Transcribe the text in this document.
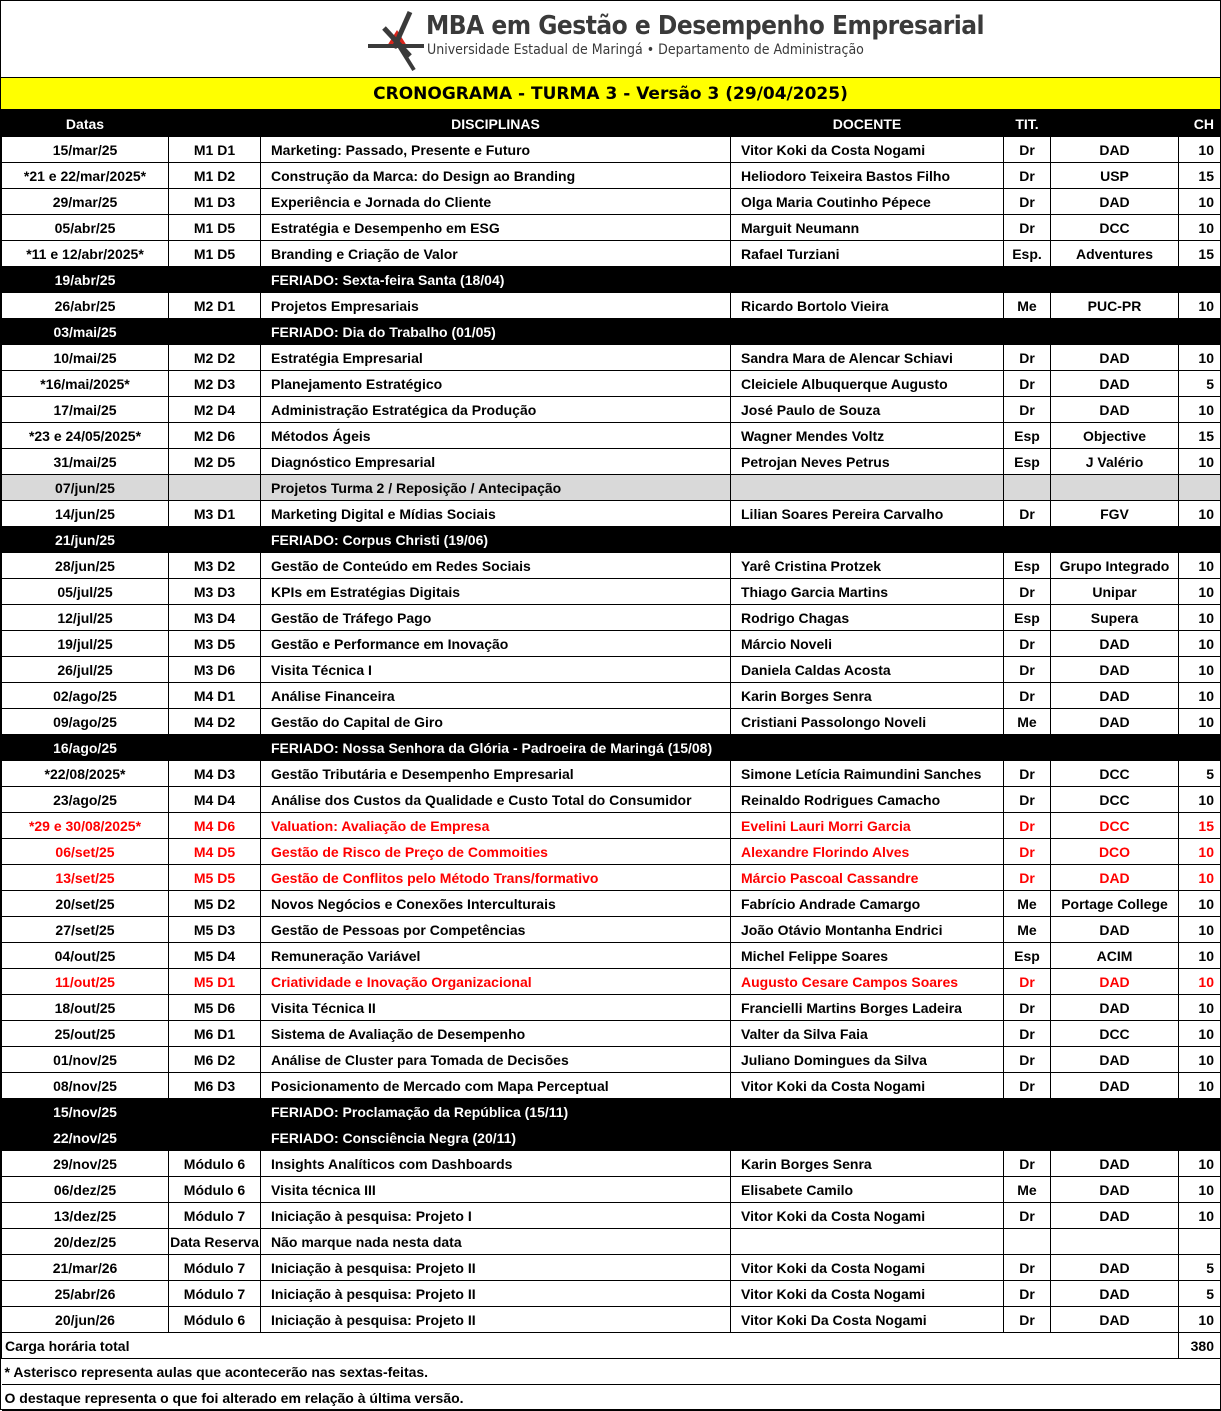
MBA em Gestão e Desempenho Empresarial
Universidade Estadual de Maringá • Departamento de Administração
CRONOGRAMA - TURMA 3 - Versão 3 (29/04/2025)
Datas		DISCIPLINAS	DOCENTE	TIT.		CH
15/mar/25	M1 D1	Marketing: Passado, Presente e Futuro	Vitor Koki da Costa Nogami	Dr	DAD	10
*21 e 22/mar/2025*	M1 D2	Construção da Marca: do Design ao Branding	Heliodoro Teixeira Bastos Filho	Dr	USP	15
29/mar/25	M1 D3	Experiência e Jornada do Cliente	Olga Maria Coutinho Pépece	Dr	DAD	10
05/abr/25	M1 D5	Estratégia e Desempenho em ESG	Marguit Neumann	Dr	DCC	10
*11 e 12/abr/2025*	M1 D5	Branding e Criação de Valor	Rafael Turziani	Esp.	Adventures	15
19/abr/25		FERIADO: Sexta-feira Santa (18/04)				
26/abr/25	M2 D1	Projetos Empresariais	Ricardo Bortolo Vieira	Me	PUC-PR	10
03/mai/25		FERIADO: Dia do Trabalho (01/05)				
10/mai/25	M2 D2	Estratégia Empresarial	Sandra Mara de Alencar Schiavi	Dr	DAD	10
*16/mai/2025*	M2 D3	Planejamento Estratégico	Cleiciele Albuquerque Augusto	Dr	DAD	5
17/mai/25	M2 D4	Administração Estratégica da Produção	José Paulo de Souza	Dr	DAD	10
*23 e 24/05/2025*	M2 D6	Métodos Ágeis	Wagner Mendes Voltz	Esp	Objective	15
31/mai/25	M2 D5	Diagnóstico Empresarial	Petrojan Neves Petrus	Esp	J Valério	10
07/jun/25		Projetos Turma 2 / Reposição / Antecipação				
14/jun/25	M3 D1	Marketing Digital e Mídias Sociais	Lilian Soares Pereira Carvalho	Dr	FGV	10
21/jun/25		FERIADO: Corpus Christi (19/06)				
28/jun/25	M3 D2	Gestão de Conteúdo em Redes Sociais	Yarê Cristina Protzek	Esp	Grupo Integrado	10
05/jul/25	M3 D3	KPIs em Estratégias Digitais	Thiago Garcia Martins	Dr	Unipar	10
12/jul/25	M3 D4	Gestão de Tráfego Pago	Rodrigo Chagas	Esp	Supera	10
19/jul/25	M3 D5	Gestão e Performance em Inovação	Márcio Noveli	Dr	DAD	10
26/jul/25	M3 D6	Visita Técnica I	Daniela Caldas Acosta	Dr	DAD	10
02/ago/25	M4 D1	Análise Financeira	Karin Borges Senra	Dr	DAD	10
09/ago/25	M4 D2	Gestão do Capital de Giro	Cristiani Passolongo Noveli	Me	DAD	10
16/ago/25		FERIADO: Nossa Senhora da Glória - Padroeira de Maringá (15/08)				
*22/08/2025*	M4 D3	Gestão Tributária e Desempenho Empresarial	Simone Letícia Raimundini Sanches	Dr	DCC	5
23/ago/25	M4 D4	Análise dos Custos da Qualidade e Custo Total do Consumidor	Reinaldo Rodrigues Camacho	Dr	DCC	10
*29 e 30/08/2025*	M4 D6	Valuation: Avaliação de Empresa	Evelini Lauri Morri Garcia	Dr	DCC	15
06/set/25	M4 D5	Gestão de Risco de Preço de Commoities	Alexandre Florindo Alves	Dr	DCO	10
13/set/25	M5 D5	Gestão de Conflitos pelo Método Trans/formativo	Márcio Pascoal Cassandre	Dr	DAD	10
20/set/25	M5 D2	Novos Negócios e Conexões Interculturais	Fabrício Andrade Camargo	Me	Portage College	10
27/set/25	M5 D3	Gestão de Pessoas por Competências	João Otávio Montanha Endrici	Me	DAD	10
04/out/25	M5 D4	Remuneração Variável	Michel Felippe Soares	Esp	ACIM	10
11/out/25	M5 D1	Criatividade e Inovação Organizacional	Augusto Cesare Campos Soares	Dr	DAD	10
18/out/25	M5 D6	Visita Técnica II	Francielli Martins Borges Ladeira	Dr	DAD	10
25/out/25	M6 D1	Sistema de Avaliação de Desempenho	Valter da Silva Faia	Dr	DCC	10
01/nov/25	M6 D2	Análise de Cluster para Tomada de Decisões	Juliano Domingues da Silva	Dr	DAD	10
08/nov/25	M6 D3	Posicionamento de Mercado com Mapa Perceptual	Vitor Koki da Costa Nogami	Dr	DAD	10
15/nov/25		FERIADO: Proclamação da República (15/11)				
22/nov/25		FERIADO: Consciência Negra (20/11)				
29/nov/25	Módulo 6	Insights Analíticos com Dashboards	Karin Borges Senra	Dr	DAD	10
06/dez/25	Módulo 6	Visita técnica III	Elisabete Camilo	Me	DAD	10
13/dez/25	Módulo 7	Iniciação à pesquisa: Projeto I	Vitor Koki da Costa Nogami	Dr	DAD	10
20/dez/25	Data Reserva	Não marque nada nesta data				
21/mar/26	Módulo 7	Iniciação à pesquisa: Projeto II	Vitor Koki da Costa Nogami	Dr	DAD	5
25/abr/26	Módulo 7	Iniciação à pesquisa: Projeto II	Vitor Koki da Costa Nogami	Dr	DAD	5
20/jun/26	Módulo 6	Iniciação à pesquisa: Projeto II	Vitor Koki Da Costa Nogami	Dr	DAD	10
Carga horária total						380
* Asterisco representa aulas que acontecerão nas sextas-feitas.						
O destaque representa o que foi alterado em relação à última versão.						
